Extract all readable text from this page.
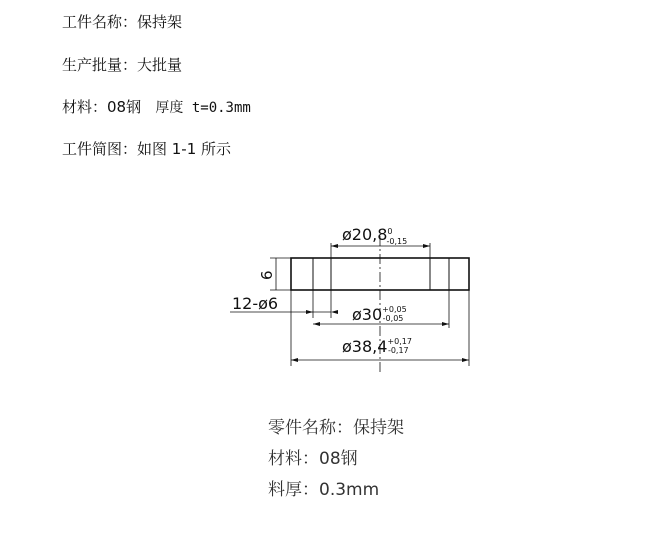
工件名称：保持架
生产批量：大批量
材料：08钢 厚度 t=0.3mm
工件简图：如图 1-1 所示
ø20,8$^0$ -0,15
6
12-ø6
$ø30^{+0,05}$ -0,05
$ø38,4^{+0,17}$ -0,17
零件名称：保持架
材料：08钢
料厚：0.3mm
